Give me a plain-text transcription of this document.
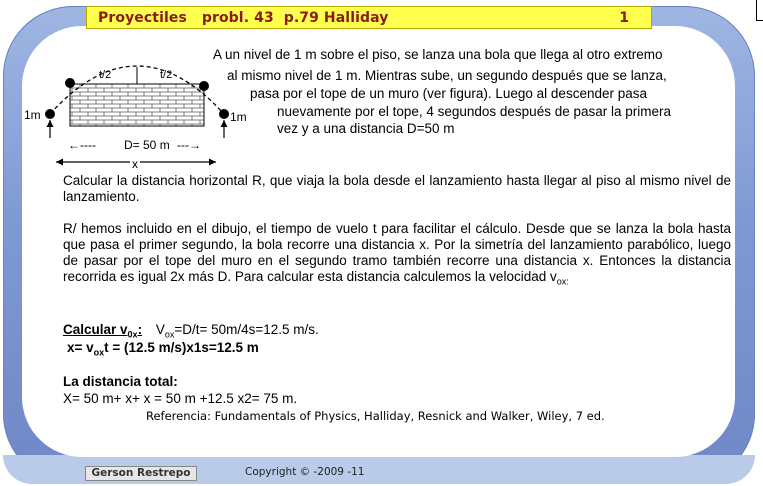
Proyectiles   probl. 43  p.79 Halliday	1
t/2	t/2
1m	1m
←---- D= 50 m ---→
x
A un nivel de 1 m sobre el piso, se lanza una bola que llega al otro extremo
al mismo nivel de 1 m. Mientras sube, un segundo después que se lanza,
pasa por el tope de un muro (ver figura). Luego al descender pasa
nuevamente por el tope, 4 segundos después de pasar la primera
vez y a una distancia D=50 m
Calcular la distancia horizontal R, que viaja la bola desde el lanzamiento hasta llegar al piso al mismo nivel de lanzamiento.
R/ hemos incluido en el dibujo, el tiempo de vuelo t para facilitar el cálculo. Desde que se lanza la bola hasta que pasa el primer segundo, la bola recorre una distancia x. Por la simetría del lanzamiento parabólico, luego de pasar por el tope del muro en el segundo tramo también recorre una distancia x. Entonces la distancia recorrida es igual 2x más D. Para calcular esta distancia calculemos la velocidad $v_{ox:}$
Calcular $v_{0x}$: $V_{ox}=D/t= 50m/4s=12.5$ m/s.
$x= v_{ox}t = (12.5$ m/s)x1s=12.5 m
La distancia total:
X= 50 m+ x+ x = 50 m +12.5 x2= 75 m.
Referencia: Fundamentals of Physics, Halliday, Resnick and Walker, Wiley, 7 ed.
Gerson Restrepo	Copyright © -2009 -11
